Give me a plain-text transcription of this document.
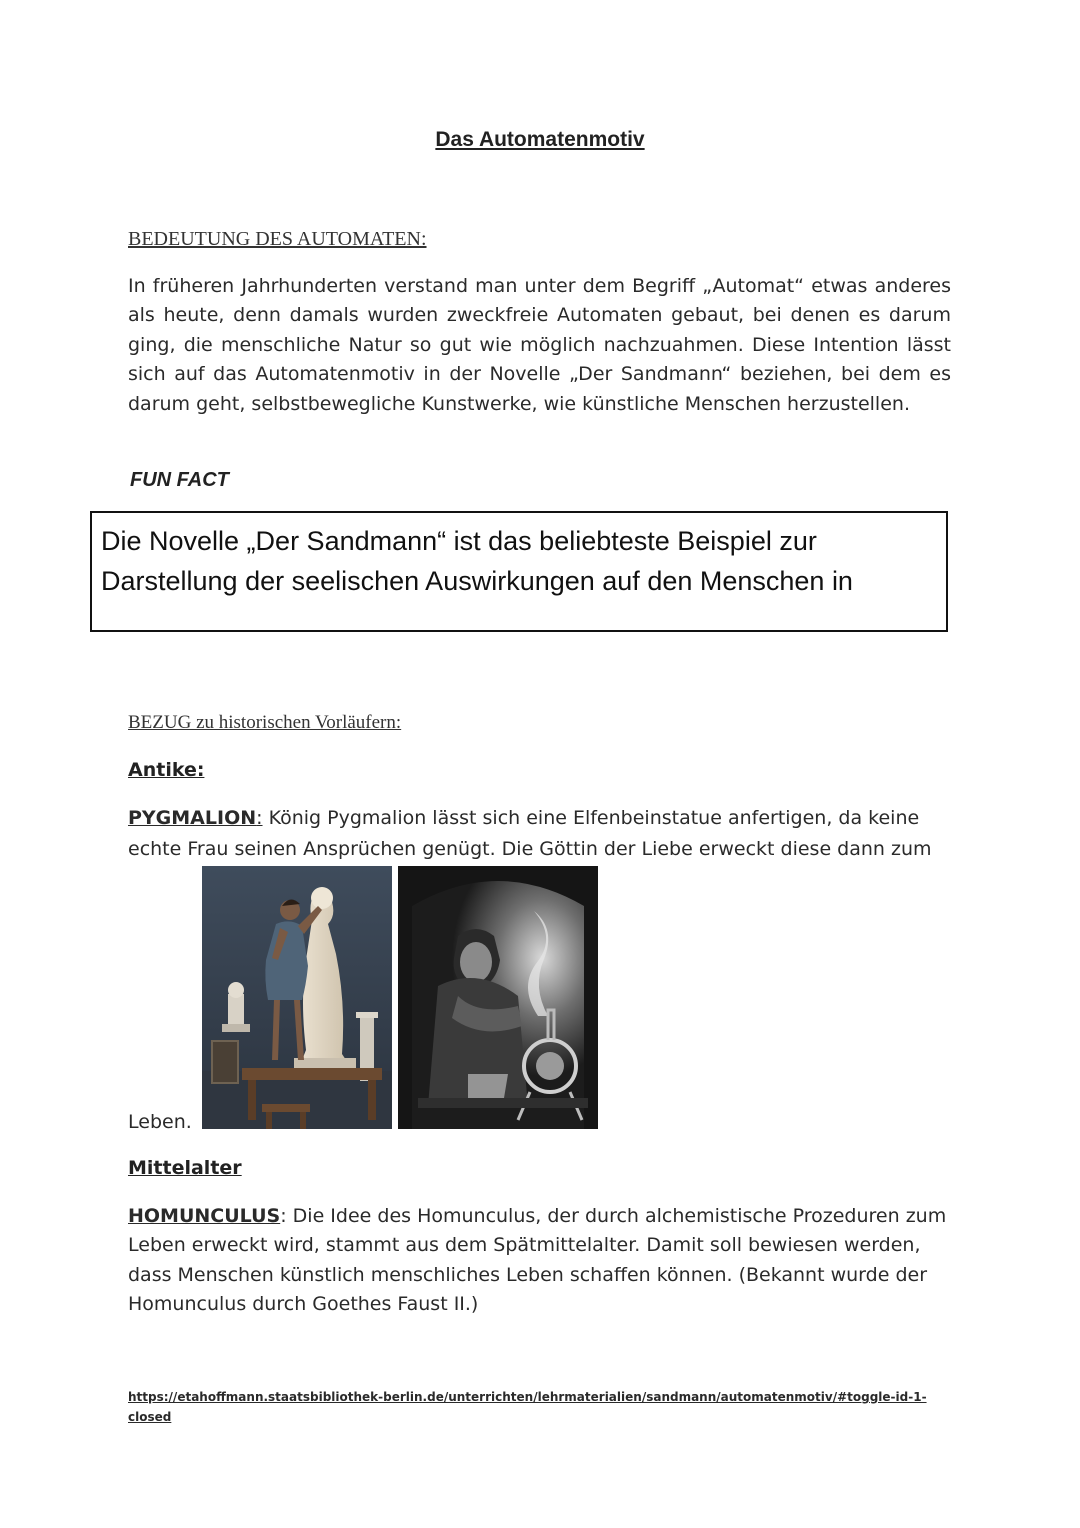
Das Automatenmotiv
BEDEUTUNG DES AUTOMATEN:
In früheren Jahrhunderten verstand man unter dem Begriff „Automat“ etwas anderes als heute, denn damals wurden zweckfreie Automaten gebaut, bei denen es darum ging, die menschliche Natur so gut wie möglich nachzuahmen. Diese Intention lässt sich auf das Automatenmotiv in der Novelle „Der Sandmann“ beziehen, bei dem es darum geht, selbstbewegliche Kunstwerke, wie künstliche Menschen herzustellen.
FUN FACT
Die Novelle „Der Sandmann“ ist das beliebteste Beispiel zur
Darstellung der seelischen Auswirkungen auf den Menschen in
BEZUG zu historischen Vorläufern:
Antike:
PYGMALION: König Pygmalion lässt sich eine Elfenbeinstatue anfertigen, da keine
echte Frau seinen Ansprüchen genügt. Die Göttin der Liebe erweckt diese dann zum
Leben.
Mittelalter
HOMUNCULUS: Die Idee des Homunculus, der durch alchemistische Prozeduren zum Leben erweckt wird, stammt aus dem Spätmittelalter. Damit soll bewiesen werden, dass Menschen künstlich menschliches Leben schaffen können. (Bekannt wurde der Homunculus durch Goethes Faust II.)
https://etahoffmann.staatsbibliothek-berlin.de/unterrichten/lehrmaterialien/sandmann/automatenmotiv/#toggle-id-1-
closed
